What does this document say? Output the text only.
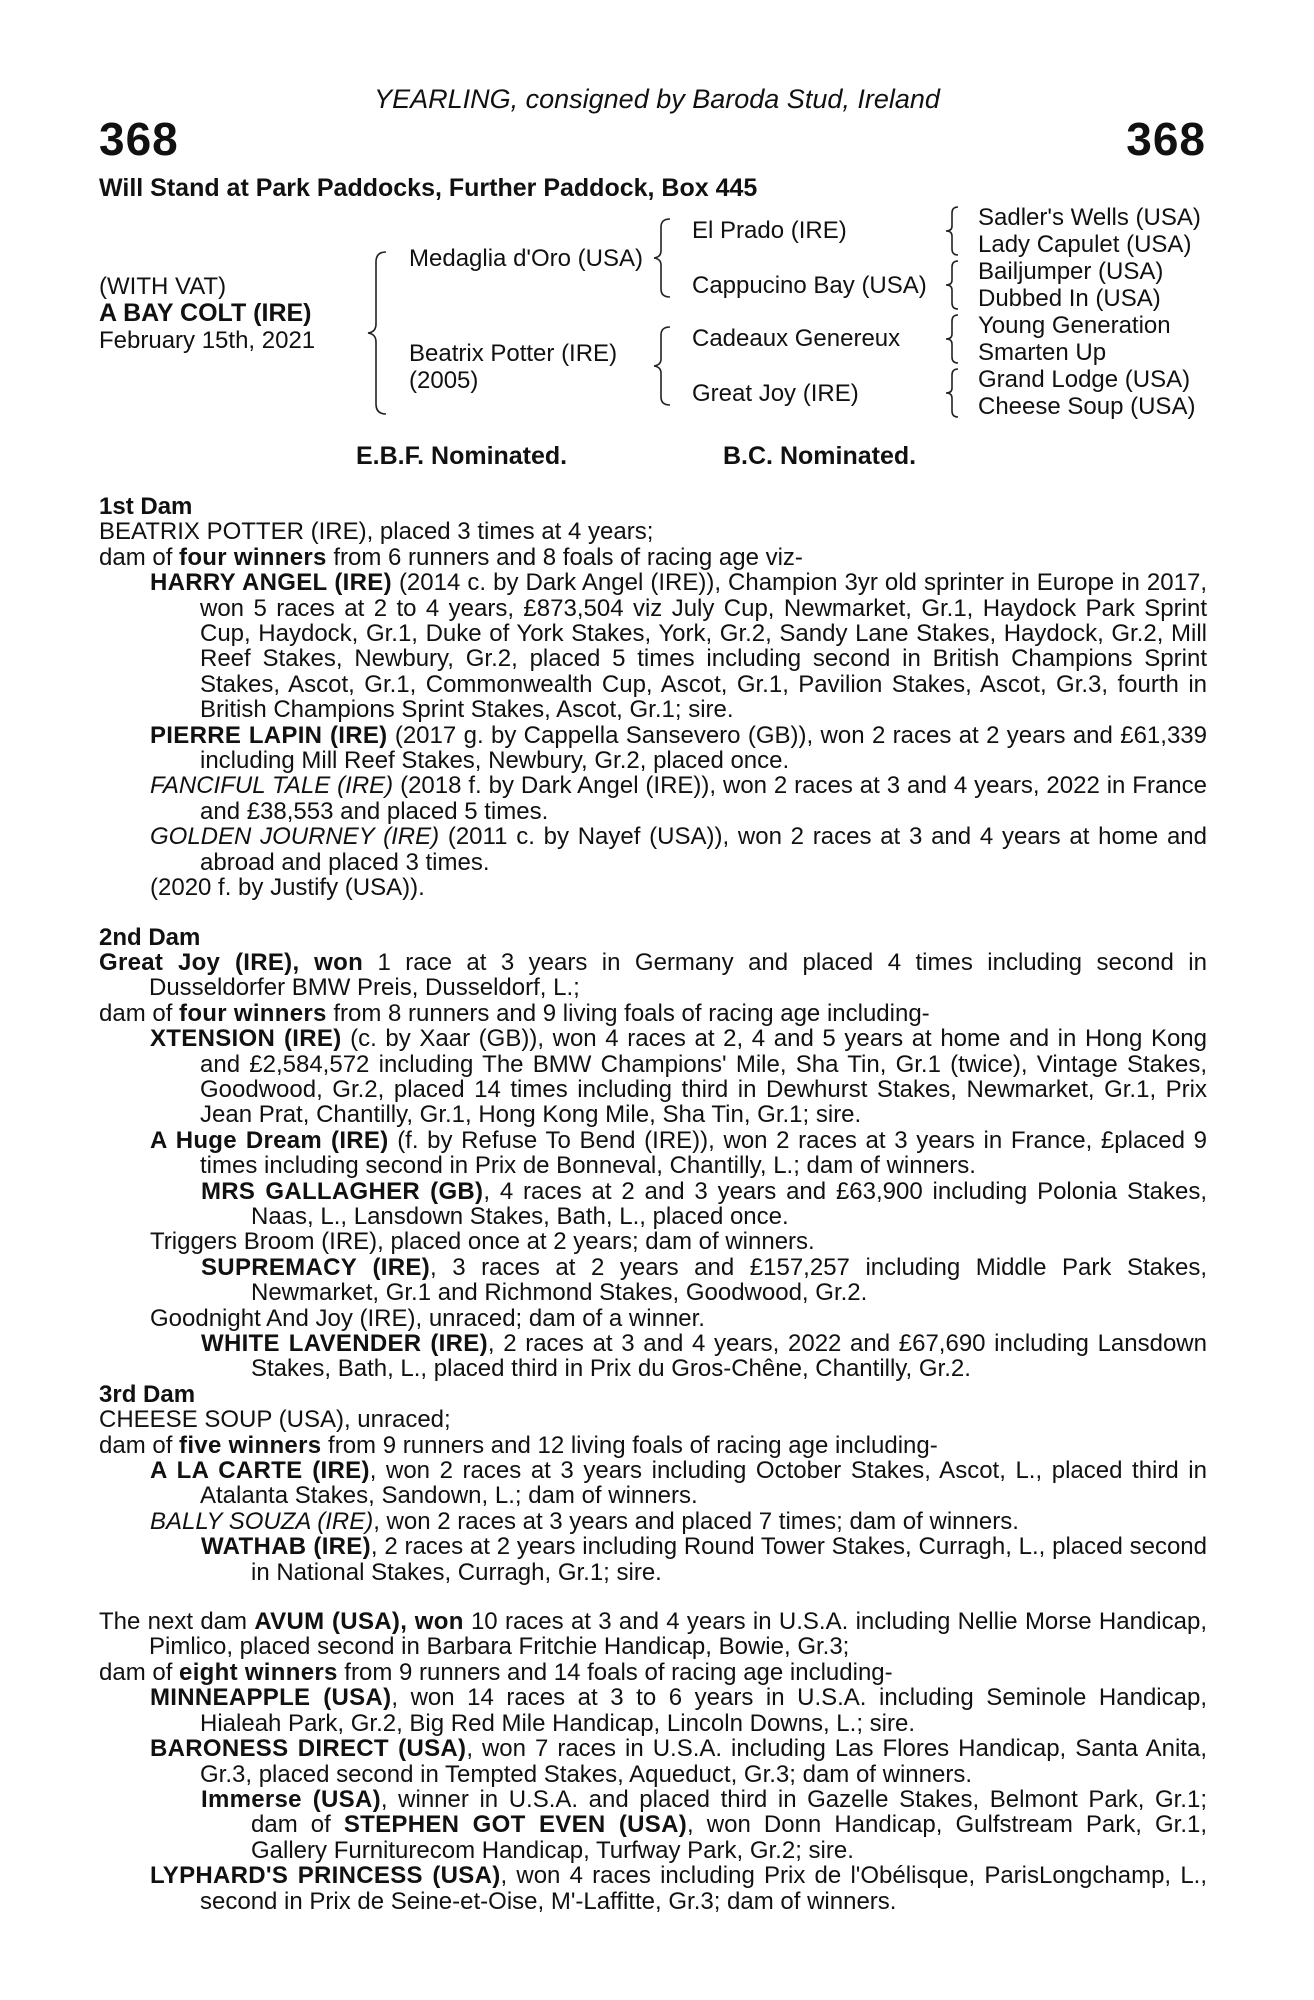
YEARLING, consigned by Baroda Stud, Ireland
368	368
Will Stand at Park Paddocks, Further Paddock, Box 445
(WITH VAT)
A BAY COLT (IRE)
February 15th, 2021
Medaglia d'Oro (USA)
Beatrix Potter (IRE)
(2005)
El Prado (IRE)
Cappucino Bay (USA)
Cadeaux Genereux
Great Joy (IRE)
Sadler's Wells (USA)
Lady Capulet (USA)
Bailjumper (USA)
Dubbed In (USA)
Young Generation
Smarten Up
Grand Lodge (USA)
Cheese Soup (USA)
E.B.F. Nominated.	B.C. Nominated.

1st Dam

BEATRIX POTTER (IRE), placed 3 times at 4 years;

dam of four winners from 6 runners and 8 foals of racing age viz-

HARRY ANGEL (IRE) (2014 c. by Dark Angel (IRE)), Champion 3yr old sprinter in Europe in 2017, won 5 races at 2 to 4 years, £873,504 viz July Cup, Newmarket, Gr.1, Haydock Park Sprint Cup, Haydock, Gr.1, Duke of York Stakes, York, Gr.2, Sandy Lane Stakes, Haydock, Gr.2, Mill Reef Stakes, Newbury, Gr.2, placed 5 times including second in British Champions Sprint Stakes, Ascot, Gr.1, Commonwealth Cup, Ascot, Gr.1, Pavilion Stakes, Ascot, Gr.3, fourth in British Champions Sprint Stakes, Ascot, Gr.1; sire.

PIERRE LAPIN (IRE) (2017 g. by Cappella Sansevero (GB)), won 2 races at 2 years and £61,339 including Mill Reef Stakes, Newbury, Gr.2, placed once.

FANCIFUL TALE (IRE) (2018 f. by Dark Angel (IRE)), won 2 races at 3 and 4 years, 2022 in France and £38,553 and placed 5 times.

GOLDEN JOURNEY (IRE) (2011 c. by Nayef (USA)), won 2 races at 3 and 4 years at home and abroad and placed 3 times.

(2020 f. by Justify (USA)).

2nd Dam

Great Joy (IRE), won 1 race at 3 years in Germany and placed 4 times including second in Dusseldorfer BMW Preis, Dusseldorf, L.;

dam of four winners from 8 runners and 9 living foals of racing age including-

XTENSION (IRE) (c. by Xaar (GB)), won 4 races at 2, 4 and 5 years at home and in Hong Kong and £2,584,572 including The BMW Champions' Mile, Sha Tin, Gr.1 (twice), Vintage Stakes, Goodwood, Gr.2, placed 14 times including third in Dewhurst Stakes, Newmarket, Gr.1, Prix Jean Prat, Chantilly, Gr.1, Hong Kong Mile, Sha Tin, Gr.1; sire.

A Huge Dream (IRE) (f. by Refuse To Bend (IRE)), won 2 races at 3 years in France, £placed 9 times including second in Prix de Bonneval, Chantilly, L.; dam of winners.

MRS GALLAGHER (GB), 4 races at 2 and 3 years and £63,900 including Polonia Stakes, Naas, L., Lansdown Stakes, Bath, L., placed once.

Triggers Broom (IRE), placed once at 2 years; dam of winners.

SUPREMACY (IRE), 3 races at 2 years and £157,257 including Middle Park Stakes, Newmarket, Gr.1 and Richmond Stakes, Goodwood, Gr.2.

Goodnight And Joy (IRE), unraced; dam of a winner.

WHITE LAVENDER (IRE), 2 races at 3 and 4 years, 2022 and £67,690 including Lansdown Stakes, Bath, L., placed third in Prix du Gros-Chêne, Chantilly, Gr.2.

3rd Dam

CHEESE SOUP (USA), unraced;

dam of five winners from 9 runners and 12 living foals of racing age including-

A LA CARTE (IRE), won 2 races at 3 years including October Stakes, Ascot, L., placed third in Atalanta Stakes, Sandown, L.; dam of winners.

BALLY SOUZA (IRE), won 2 races at 3 years and placed 7 times; dam of winners.

WATHAB (IRE), 2 races at 2 years including Round Tower Stakes, Curragh, L., placed second in National Stakes, Curragh, Gr.1; sire.

The next dam AVUM (USA), won 10 races at 3 and 4 years in U.S.A. including Nellie Morse Handicap, Pimlico, placed second in Barbara Fritchie Handicap, Bowie, Gr.3;

dam of eight winners from 9 runners and 14 foals of racing age including-

MINNEAPPLE (USA), won 14 races at 3 to 6 years in U.S.A. including Seminole Handicap, Hialeah Park, Gr.2, Big Red Mile Handicap, Lincoln Downs, L.; sire.

BARONESS DIRECT (USA), won 7 races in U.S.A. including Las Flores Handicap, Santa Anita, Gr.3, placed second in Tempted Stakes, Aqueduct, Gr.3; dam of winners.

Immerse (USA), winner in U.S.A. and placed third in Gazelle Stakes, Belmont Park, Gr.1; dam of STEPHEN GOT EVEN (USA), won Donn Handicap, Gulfstream Park, Gr.1, Gallery Furniturecom Handicap, Turfway Park, Gr.2; sire.

LYPHARD'S PRINCESS (USA), won 4 races including Prix de l'Obélisque, ParisLongchamp, L., second in Prix de Seine-et-Oise, M'-Laffitte, Gr.3; dam of winners.
